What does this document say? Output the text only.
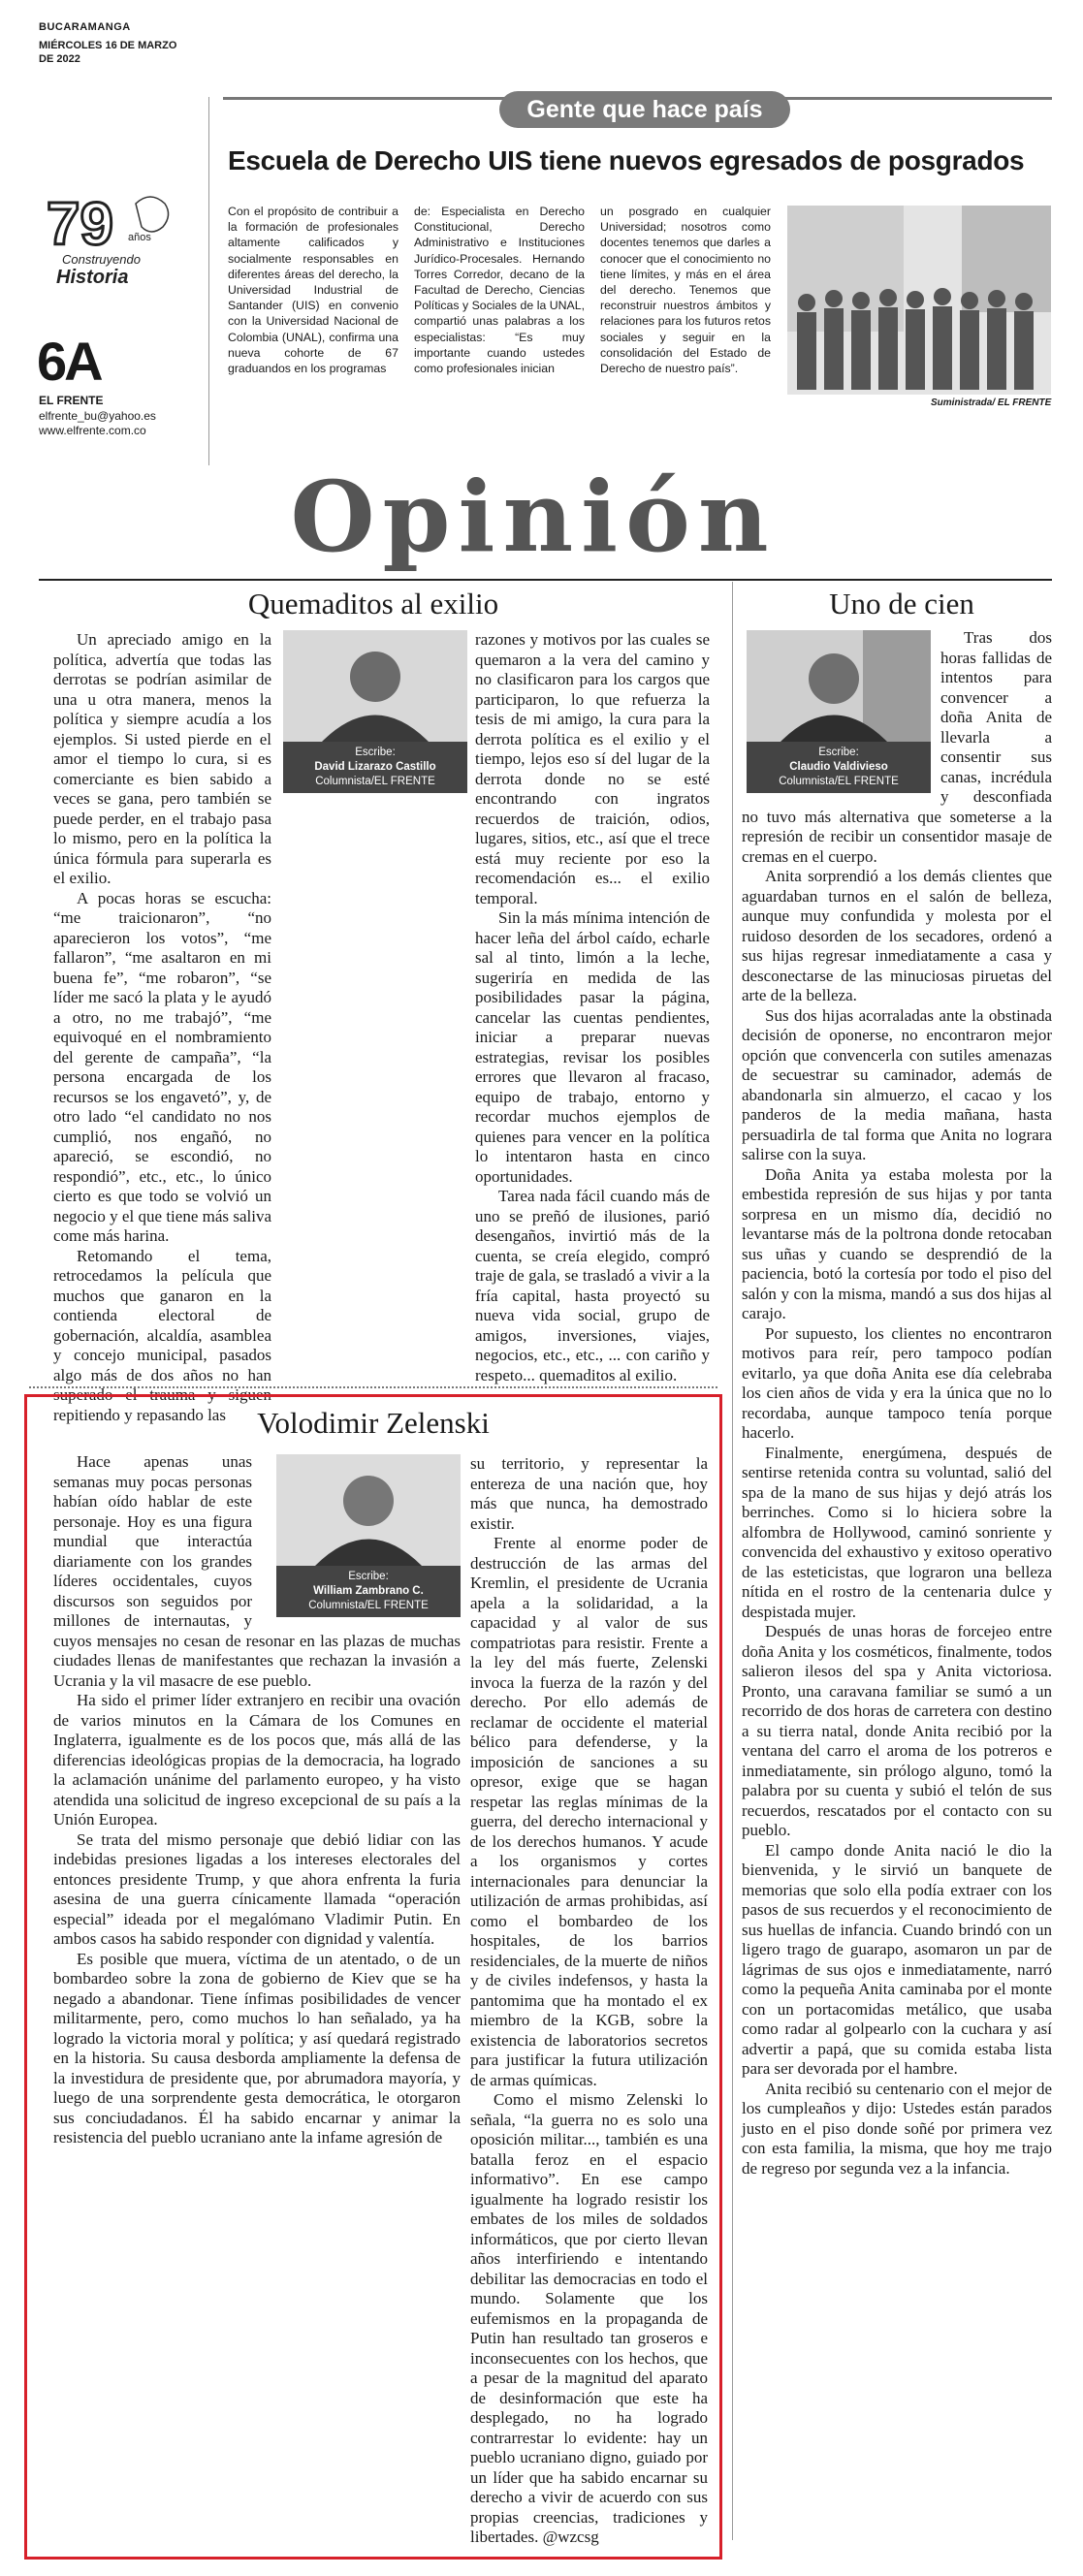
BUCARAMANGA
MIÉRCOLES 16 DE MARZO DE 2022
79 años
Construyendo
Historia
6A
EL FRENTE
elfrente_bu@yahoo.es
www.elfrente.com.co
Gente que hace país
Escuela de Derecho UIS tiene nuevos egresados de posgrados

Con el propósito de contribuir a la formación de profesionales altamente calificados y socialmente responsables en diferentes áreas del derecho, la Universidad Industrial de Santander (UIS) en convenio con la Universidad Nacional de Colombia (UNAL), confirma una nueva cohorte de 67 graduandos en los programas

de: Especialista en Derecho Constitucional, Derecho Administrativo e Instituciones Jurídico-Procesales. Hernando Torres Corredor, decano de la Facultad de Derecho, Ciencias Políticas y Sociales de la UNAL, compartió unas palabras a los especialistas: “Es muy importante cuando ustedes como profesionales inician

un posgrado en cualquier Universidad; nosotros como docentes tenemos que darles a conocer que el conocimiento no tiene límites, y más en el área del derecho. Tenemos que reconstruir nuestros ámbitos y relaciones para los futuros retos sociales y seguir en la consolidación del Estado de Derecho de nuestro país”.

Suministrada/ EL FRENTE
Opinión
Quemaditos al exilio

Un apreciado amigo en la política, advertía que todas las derrotas se podrían asimilar de una u otra manera, menos la política y siempre acudía a los ejemplos. Si usted pierde en el amor el tiempo lo cura, si es comerciante es bien sabido a veces se gana, pero también se puede perder, en el trabajo pasa lo mismo, pero en la política la única fórmula para superarla es el exilio.

A pocas horas se escucha: “me traicionaron”, “no aparecieron los votos”, “me fallaron”, “me asaltaron en mi buena fe”, “me robaron”, “se líder me sacó la plata y le ayudó a otro, no me trabajó”, “me equivoqué en el nombramiento del gerente de campaña”, “la persona encargada de los recursos se los engavetó”, y, de otro lado “el candidato no nos cumplió, nos engañó, no apareció, se escondió, no respondió”, etc., etc., lo único cierto es que todo se volvió un negocio y el que tiene más saliva come más harina.

Retomando el tema, retrocedamos la película que muchos que ganaron en la contienda electoral de gobernación, alcaldía, asamblea y concejo municipal, pasados algo más de dos años no han superado el trauma y siguen repitiendo y repasando las

Escribe:
David Lizarazo Castillo
Columnista/EL FRENTE

razones y motivos por las cuales se quemaron a la vera del camino y no clasificaron para los cargos que participaron, lo que refuerza la tesis de mi amigo, la cura para la derrota política es el exilio y el tiempo, lejos eso sí del lugar de la derrota donde no se esté encontrando con ingratos recuerdos de traición, odios, lugares, sitios, etc., así que el trece está muy reciente por eso la recomendación es... el exilio temporal.

Sin la más mínima intención de hacer leña del árbol caído, echarle sal al tinto, limón a la leche, sugeriría en medida de las posibilidades pasar la página, cancelar las cuentas pendientes, iniciar a preparar nuevas estrategias, revisar los posibles errores que llevaron al fracaso, equipo de trabajo, entorno y recordar muchos ejemplos de quienes para vencer en la política lo intentaron hasta en cinco oportunidades.

Tarea nada fácil cuando más de uno se preñó de ilusiones, parió desengaños, invirtió más de la cuenta, se creía elegido, compró traje de gala, se trasladó a vivir a la fría capital, hasta proyectó su nueva vida social, grupo de amigos, inversiones, viajes, negocios, etc., etc., ... con cariño y respeto... quemaditos al exilio.

Uno de cien
Escribe:
Claudio Valdivieso
Columnista/EL FRENTE

Tras dos horas fallidas de intentos para convencer a doña Anita de llevarla a consentir sus canas, incrédula y desconfiada no tuvo más alternativa que someterse a la represión de recibir un consentidor masaje de cremas en el cuerpo.

Anita sorprendió a los demás clientes que aguardaban turnos en el salón de belleza, aunque muy confundida y molesta por el ruidoso desorden de los secadores, ordenó a sus hijas regresar inmediatamente a casa y desconectarse de las minuciosas piruetas del arte de la belleza.

Sus dos hijas acorraladas ante la obstinada decisión de oponerse, no encontraron mejor opción que convencerla con sutiles amenazas de secuestrar su caminador, además de abandonarla sin almuerzo, el cacao y los panderos de la media mañana, hasta persuadirla de tal forma que Anita no lograra salirse con la suya.

Doña Anita ya estaba molesta por la embestida represión de sus hijas y por tanta sorpresa en un mismo día, decidió no levantarse más de la poltrona donde retocaban sus uñas y cuando se desprendió de la paciencia, botó la cortesía por todo el piso del salón y con la misma, mandó a sus dos hijas al carajo.

Por supuesto, los clientes no encontraron motivos para reír, pero tampoco podían evitarlo, ya que doña Anita ese día celebraba los cien años de vida y era la única que no lo recordaba, aunque tampoco tenía porque hacerlo.

Finalmente, energúmena, después de sentirse retenida contra su voluntad, salió del spa de la mano de sus hijas y dejó atrás los berrinches. Como si lo hiciera sobre la alfombra de Hollywood, caminó sonriente y convencida del exhaustivo y exitoso operativo de las esteticistas, que lograron una belleza nítida en el rostro de la centenaria dulce y despistada mujer.

Después de unas horas de forcejeo entre doña Anita y los cosméticos, finalmente, todos salieron ilesos del spa y Anita victoriosa. Pronto, una caravana familiar se sumó a un recorrido de dos horas de carretera con destino a su tierra natal, donde Anita recibió por la ventana del carro el aroma de los potreros e inmediatamente, sin prólogo alguno, tomó la palabra por su cuenta y subió el telón de sus recuerdos, rescatados por el contacto con su pueblo.

El campo donde Anita nació le dio la bienvenida, y le sirvió un banquete de memorias que solo ella podía extraer con los pasos de sus recuerdos y el reconocimiento de sus huellas de infancia. Cuando brindó con un ligero trago de guarapo, asomaron un par de lágrimas de sus ojos e inmediatamente, narró como la pequeña Anita caminaba por el monte con un portacomidas metálico, que usaba como radar al golpearlo con la cuchara y así advertir a papá, que su comida estaba lista para ser devorada por el hambre.

Anita recibió su centenario con el mejor de los cumpleaños y dijo: Ustedes están parados justo en el piso donde soñé por primera vez con esta familia, la misma, que hoy me trajo de regreso por segunda vez a la infancia.

Volodimir Zelenski

Hace apenas unas semanas muy pocas personas habían oído hablar de este personaje. Hoy es una figura mundial que interactúa diariamente con los grandes líderes occidentales, cuyos discursos son seguidos por millones de internautas, y cuyos mensajes no cesan de resonar en las plazas de muchas ciudades llenas de manifestantes que rechazan la invasión a Ucrania y la vil masacre de ese pueblo.

Ha sido el primer líder extranjero en recibir una ovación de varios minutos en la Cámara de los Comunes en Inglaterra, igualmente es de los pocos que, más allá de las diferencias ideológicas propias de la democracia, ha logrado la aclamación unánime del parlamento europeo, y ha visto atendida una solicitud de ingreso excepcional de su país a la Unión Europea.

Se trata del mismo personaje que debió lidiar con las indebidas presiones ligadas a los intereses electorales del entonces presidente Trump, y que ahora enfrenta la furia asesina de una guerra cínicamente llamada “operación especial” ideada por el megalómano Vladimir Putin. En ambos casos ha sabido responder con dignidad y valentía.

Es posible que muera, víctima de un atentado, o de un bombardeo sobre la zona de gobierno de Kiev que se ha negado a abandonar. Tiene ínfimas posibilidades de vencer militarmente, pero, como muchos lo han señalado, ya ha logrado la victoria moral y política; y así quedará registrado en la historia. Su causa desborda ampliamente la defensa de la investidura de presidente que, por abrumadora mayoría, y luego de una sorprendente gesta democrática, le otorgaron sus conciudadanos. Él ha sabido encarnar y animar la resistencia del pueblo ucraniano ante la infame agresión de

Escribe:
William Zambrano C.
Columnista/EL FRENTE

su territorio, y representar la entereza de una nación que, hoy más que nunca, ha demostrado existir.

Frente al enorme poder de destrucción de las armas del Kremlin, el presidente de Ucrania apela a la solidaridad, a la capacidad y al valor de sus compatriotas para resistir. Frente a la ley del más fuerte, Zelenski invoca la fuerza de la razón y del derecho. Por ello además de reclamar de occidente el material bélico para defenderse, y la imposición de sanciones a su opresor, exige que se hagan respetar las reglas mínimas de la guerra, del derecho internacional y de los derechos humanos. Y acude a los organismos y cortes internacionales para denunciar la utilización de armas prohibidas, así como el bombardeo de los hospitales, de los barrios residenciales, de la muerte de niños y de civiles indefensos, y hasta la pantomima que ha montado el ex miembro de la KGB, sobre la existencia de laboratorios secretos para justificar la futura utilización de armas químicas.

Como el mismo Zelenski lo señala, “la guerra no es solo una oposición militar..., también es una batalla feroz en el espacio informativo”. En ese campo igualmente ha logrado resistir los embates de los miles de soldados informáticos, que por cierto llevan años interfiriendo e intentando debilitar las democracias en todo el mundo. Solamente que los eufemismos en la propaganda de Putin han resultado tan groseros e inconsecuentes con los hechos, que a pesar de la magnitud del aparato de desinformación que este ha desplegado, no ha logrado contrarrestar lo evidente: hay un pueblo ucraniano digno, guiado por un líder que ha sabido encarnar su derecho a vivir de acuerdo con sus propias creencias, tradiciones y libertades. @wzcsg
